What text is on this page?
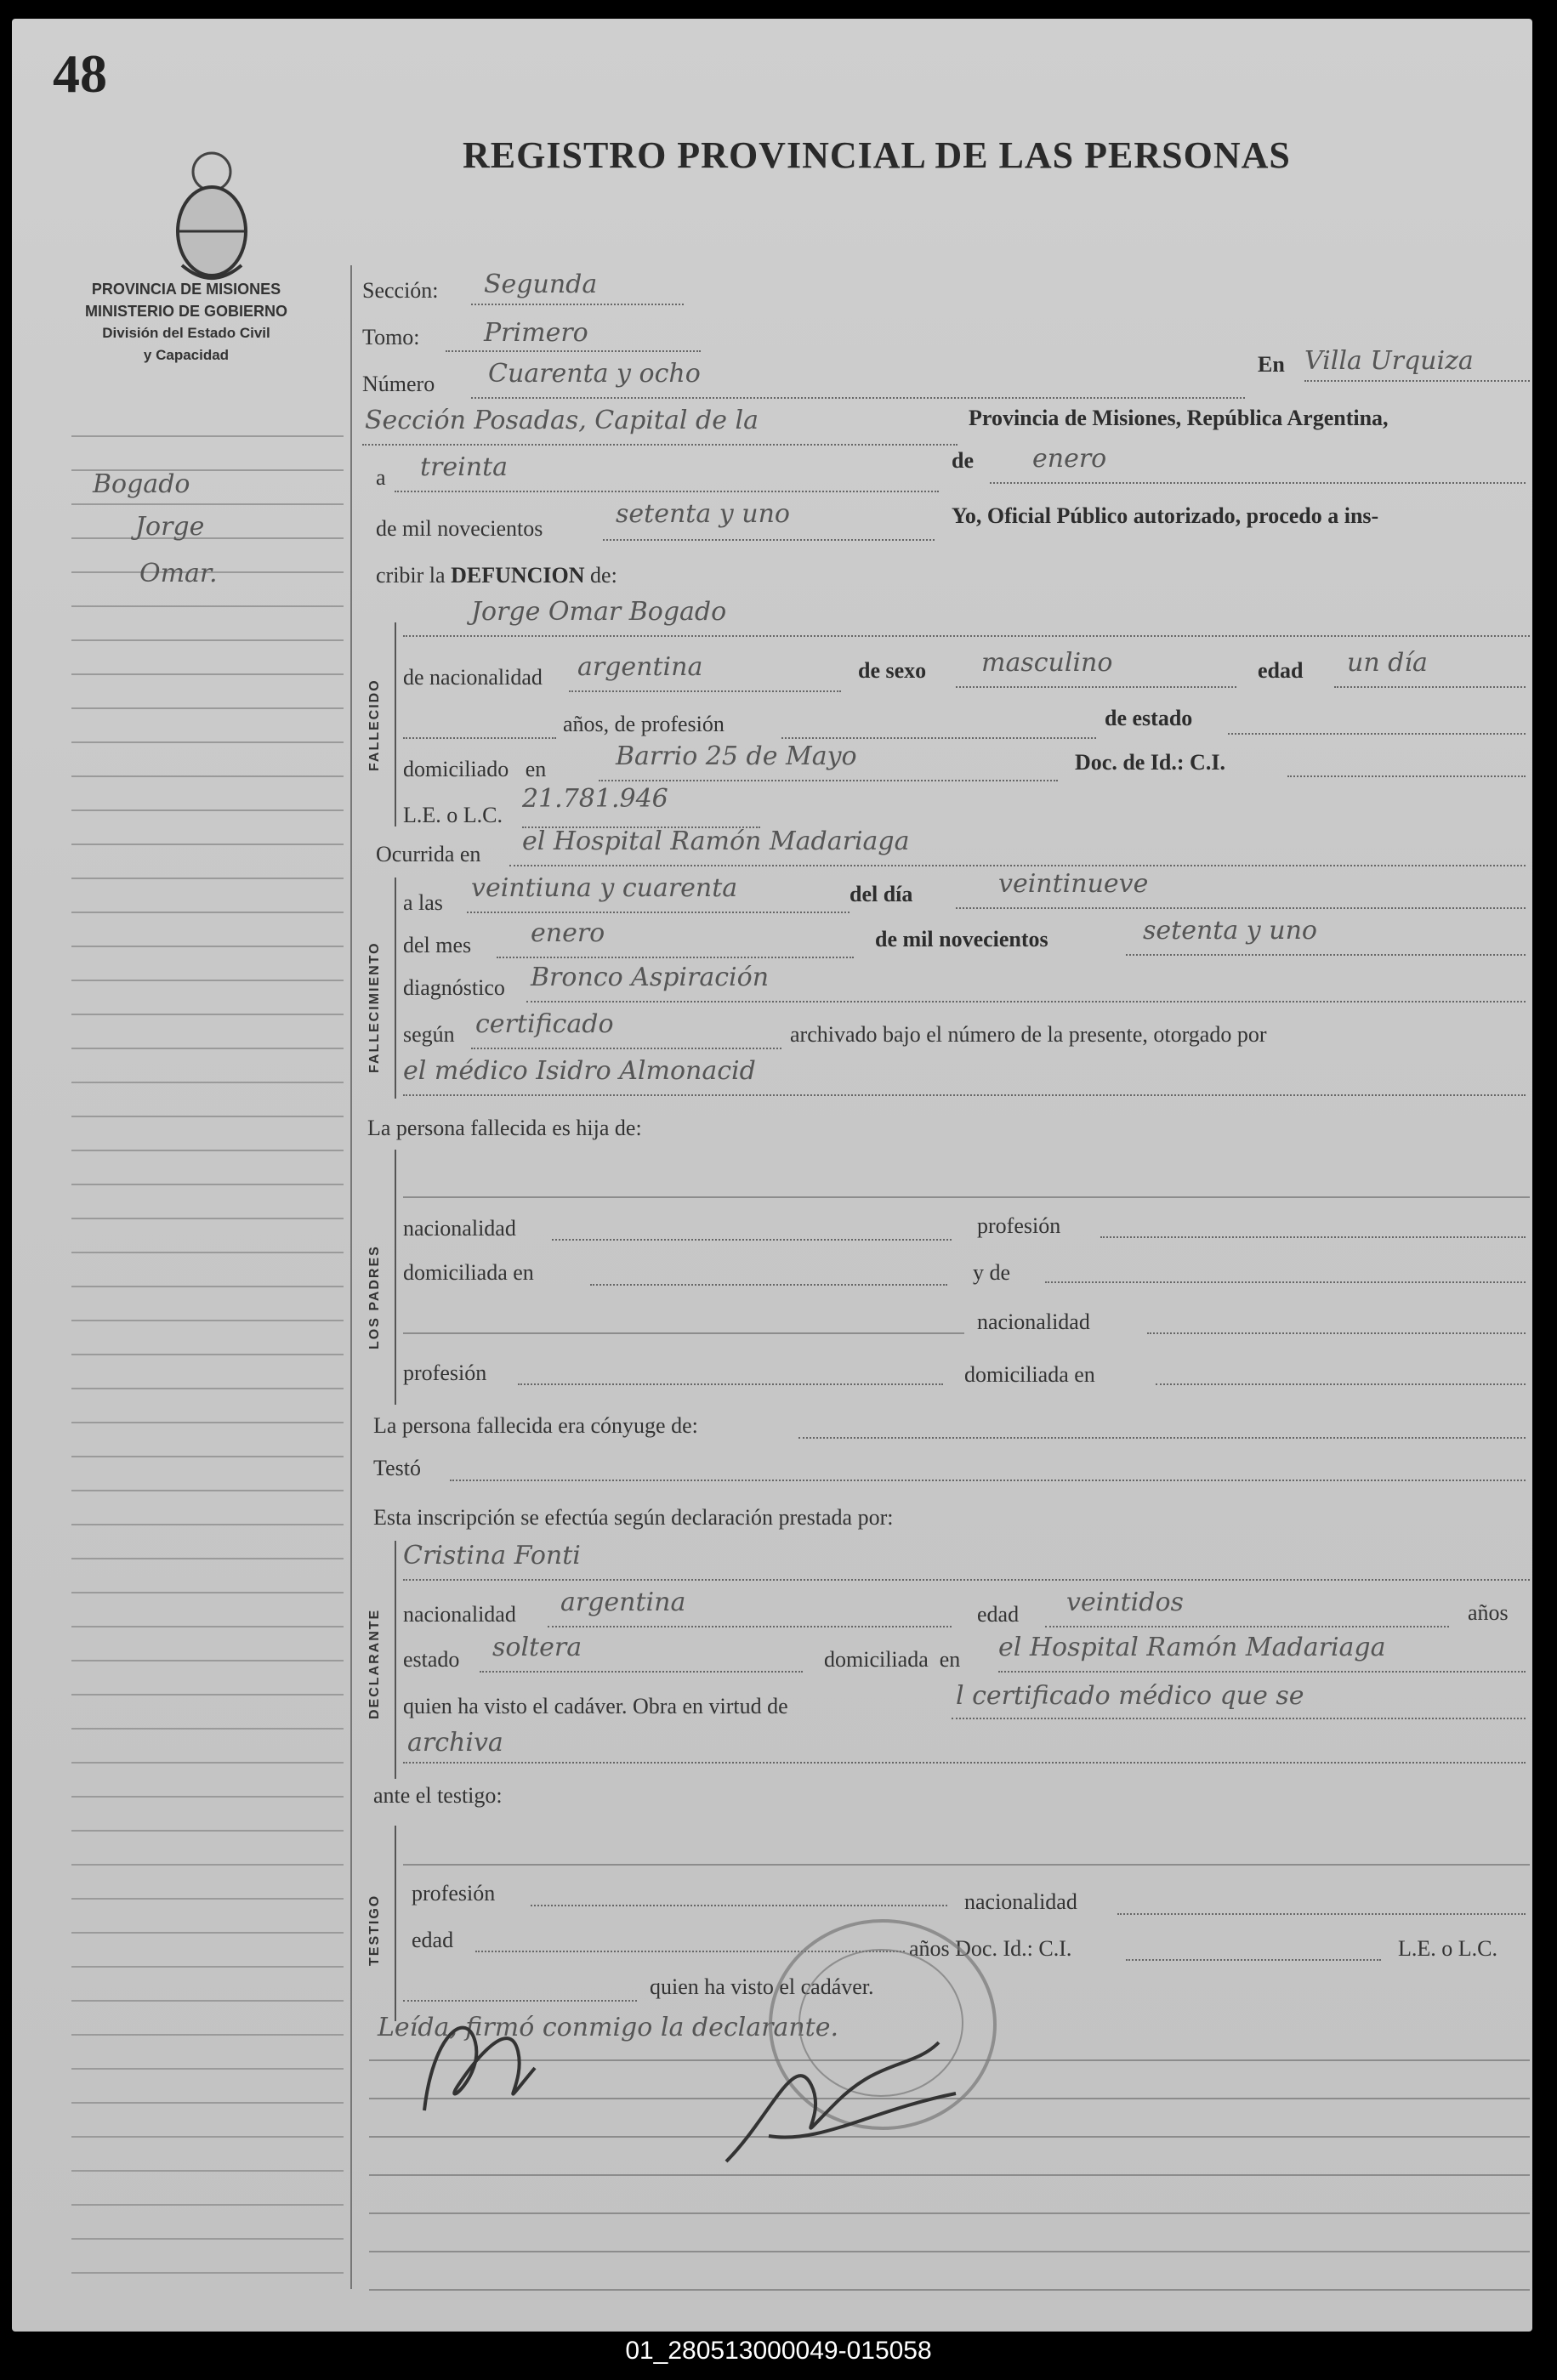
48
REGISTRO PROVINCIAL DE LAS PERSONAS
PROVINCIA DE MISIONES
MINISTERIO DE GOBIERNO
División del Estado Civil
y Capacidad
Bogado
Jorge
Omar.
Sección: Segunda
Tomo:	Primero
Número Cuarenta y ocho	En Villa Urquiza
Sección Posadas, Capital de la	Provincia de Misiones, República Argentina,
a treinta	de enero
de mil novecientos	setenta y uno	Yo, Oficial Público autorizado, procedo a ins-
cribir la DEFUNCION de:
FALLECIDO
Jorge Omar Bogado
de nacionalidad argentina	de sexo masculino	edad un día
años, de profesión	de estado
domiciliado   en	Barrio 25 de Mayo	Doc. de Id.: C.I.
L.E. o L.C.
21.781.946
Ocurrida en el Hospital Ramón Madariaga
FALLECIMIENTO
a las veintiuna y cuarenta	del día	veintinueve
del mes enero	de mil novecientos	setenta y uno
diagnóstico Bronco Aspiración
según certificado	archivado bajo el número de la presente, otorgado por
el médico Isidro Almonacid
La persona fallecida es hija de:
LOS PADRES
nacionalidad	profesión
domiciliada en	y de
nacionalidad
profesión	domiciliada en
La persona fallecida era cónyuge de:
Testó
Esta inscripción se efectúa según declaración prestada por:
DECLARANTE
Cristina Fonti
nacionalidad argentina	edad veintidos	años
estado soltera	domiciliada en el Hospital Ramón Madariaga
quien ha visto el cadáver. Obra en virtud de	l certificado médico que se
archiva
ante el testigo:
TESTIGO
profesión	nacionalidad
edad	años Doc. Id.: C.I.	L.E. o L.C.
quien ha visto el cadáver.
Leída, firmó conmigo la declarante.
01_280513000049-015058
